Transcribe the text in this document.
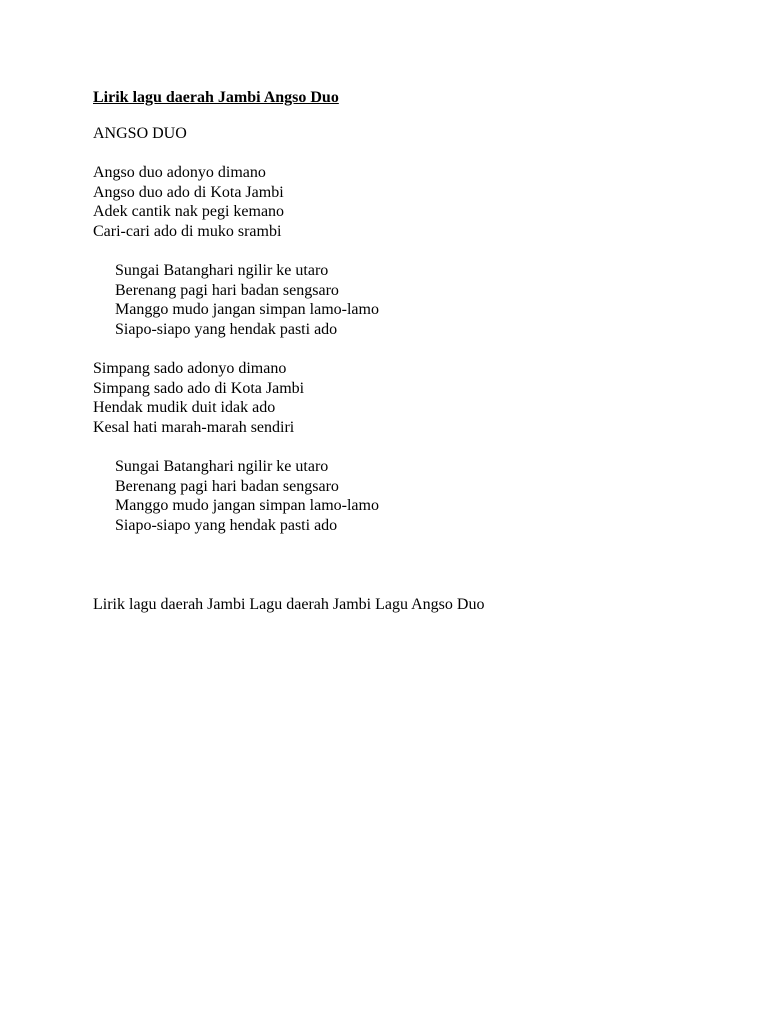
Lirik lagu daerah Jambi Angso Duo

ANGSO DUO

Angso duo adonyo dimano
Angso duo ado di Kota Jambi
Adek cantik nak pegi kemano
Cari-cari ado di muko srambi
Sungai Batanghari ngilir ke utaro
Berenang pagi hari badan sengsaro
Manggo mudo jangan simpan lamo-lamo
Siapo-siapo yang hendak pasti ado
Simpang sado adonyo dimano
Simpang sado ado di Kota Jambi
Hendak mudik duit idak ado
Kesal hati marah-marah sendiri
Sungai Batanghari ngilir ke utaro
Berenang pagi hari badan sengsaro
Manggo mudo jangan simpan lamo-lamo
Siapo-siapo yang hendak pasti ado

Lirik lagu daerah Jambi Lagu daerah Jambi Lagu Angso Duo
